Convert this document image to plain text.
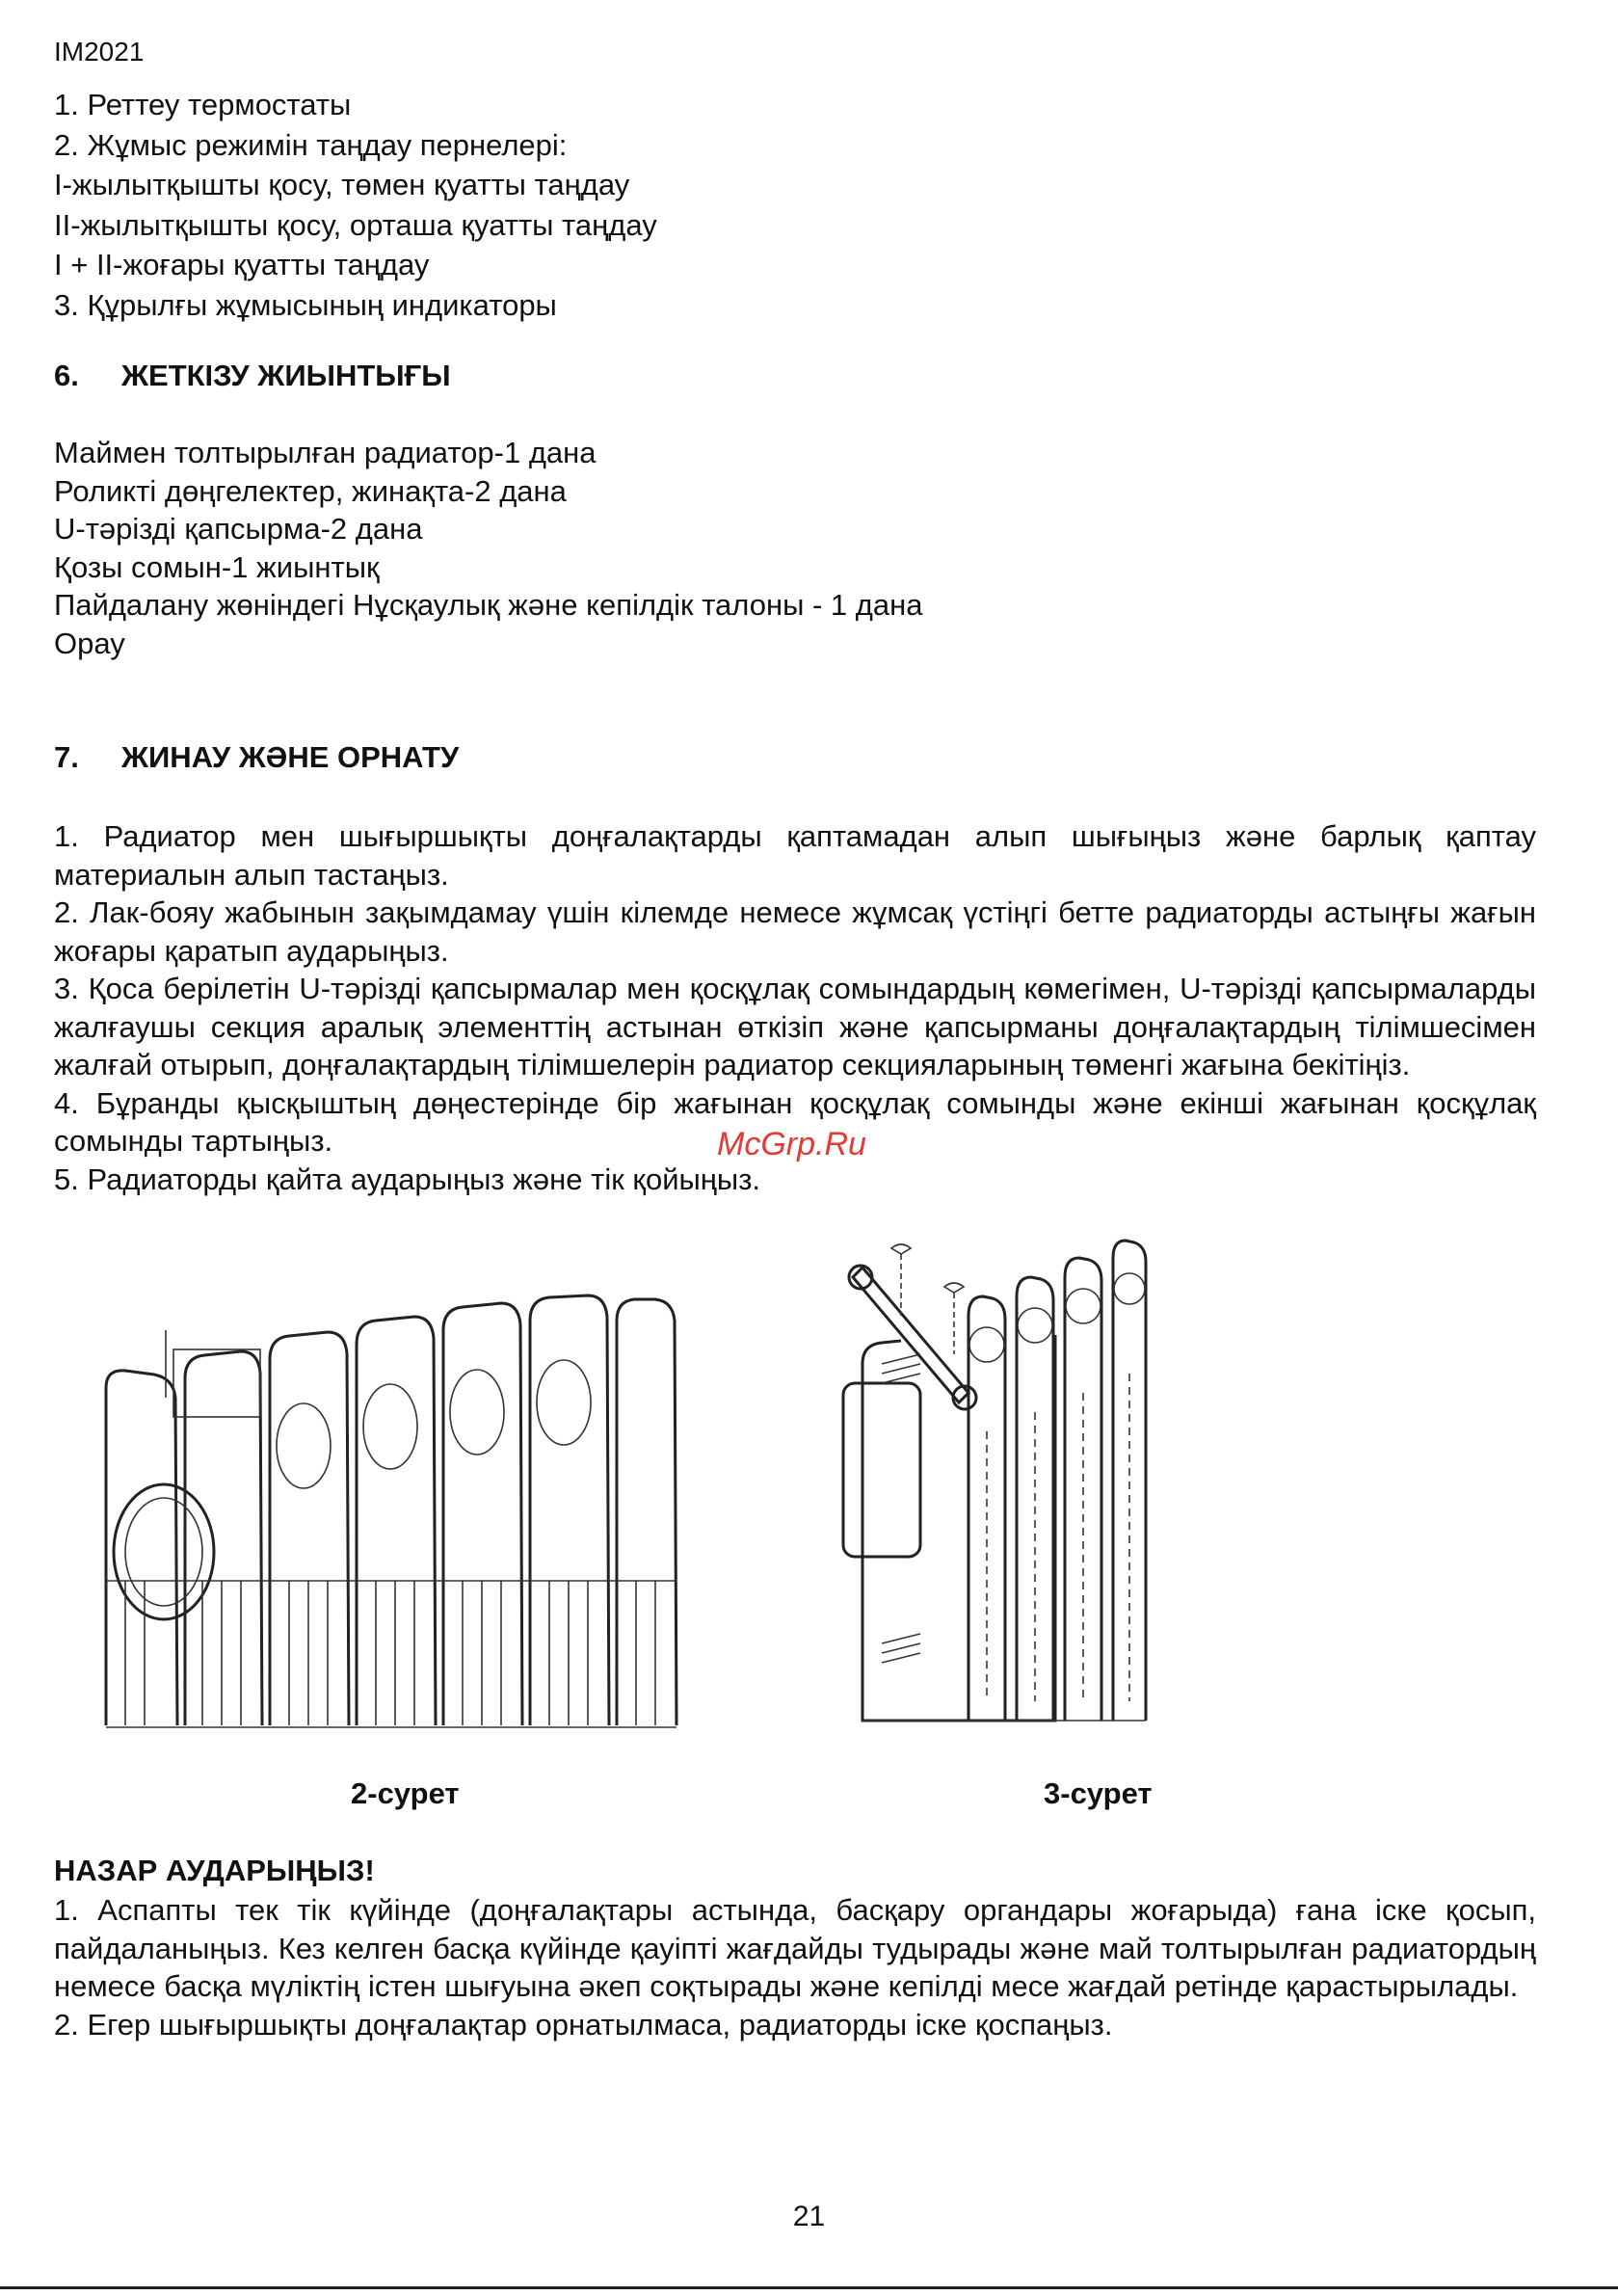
IM2021
1. Реттеу термостаты
2. Жұмыс режимін таңдау пернелері:
І-жылытқышты қосу, төмен қуатты таңдау
ІІ-жылытқышты қосу, орташа қуатты таңдау
І + ІІ-жоғары қуатты таңдау
3. Құрылғы жұмысының индикаторы
6. ЖЕТКІЗУ ЖИЫНТЫҒЫ
Маймен толтырылған радиатор-1 дана
Роликті дөңгелектер, жинақта-2 дана
U-тәрізді қапсырма-2 дана
Қозы сомын-1 жиынтық
Пайдалану жөніндегі Нұсқаулық және кепілдік талоны - 1 дана
Орау
7. ЖИНАУ ЖӘНЕ ОРНАТУ

1. Радиатор мен шығыршықты доңғалақтарды қаптамадан алып шығыңыз және барлық қаптау материалын алып тастаңыз.

2. Лак-бояу жабынын зақымдамау үшін кілемде немесе жұмсақ үстіңгі бетте радиаторды астыңғы жағын жоғары қаратып аударыңыз.

3. Қоса берілетін U-тәрізді қапсырмалар мен қосқұлақ сомындардың көмегімен, U-тәрізді қапсырмаларды жалғаушы секция аралық элементтің астынан өткізіп және қапсырманы доңғалақтардың тілімшесімен жалғай отырып, доңғалақтардың тілімшелерін радиатор секцияларының төменгі жағына бекітіңіз.

4. Бұранды қысқыштың дөңестерінде бір жағынан қосқұлақ сомынды және екінші жағынан қосқұлақ сомынды тартыңыз.

5. Радиаторды қайта аударыңыз және тік қойыңыз.

McGrp.Ru
2-сурет	3-сурет
НАЗАР АУДАРЫҢЫЗ!

1. Аспапты тек тік күйінде (доңғалақтары астында, басқару органдары жоғарыда) ғана іске қосып, пайдаланыңыз. Кез келген басқа күйінде қауіпті жағдайды тудырады және май толтырылған радиатордың немесе басқа мүліктің істен шығуына әкеп соқтырады және кепілді месе жағдай ретінде қарастырылады.

2. Егер шығыршықты доңғалақтар орнатылмаса, радиаторды іске қоспаңыз.

21
